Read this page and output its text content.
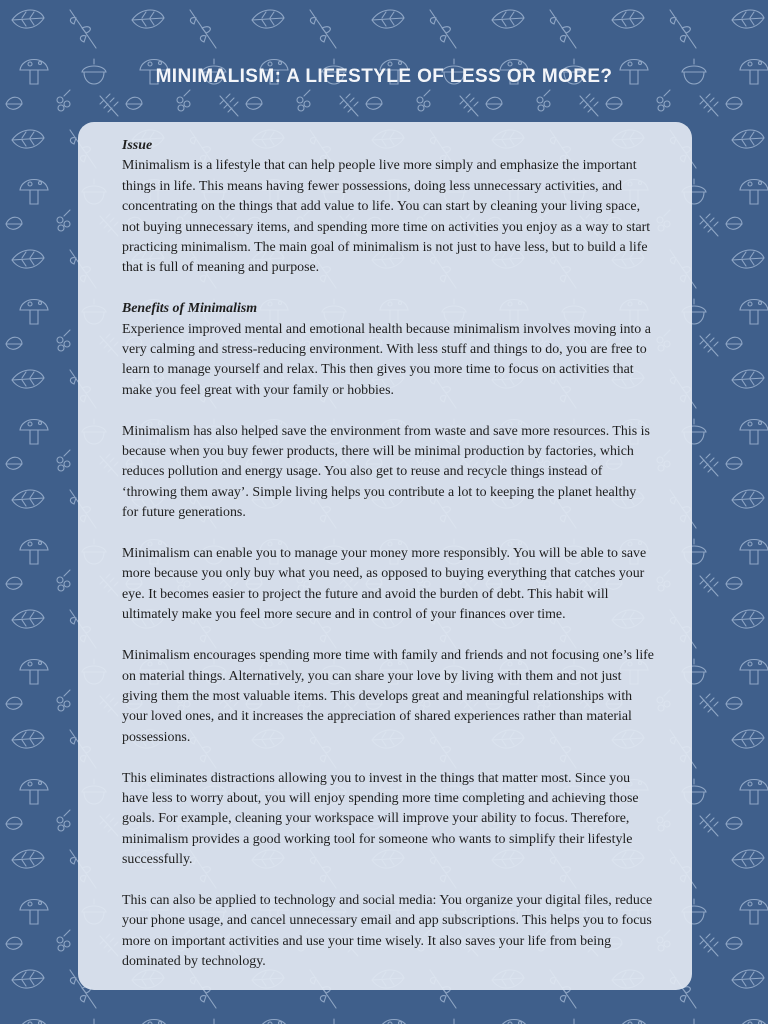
MINIMALISM: A LIFESTYLE OF LESS OR MORE?
Issue

Minimalism is a lifestyle that can help people live more simply and emphasize the important things in life. This means having fewer possessions, doing less unnecessary activities, and concentrating on the things that add value to life. You can start by cleaning your living space, not buying unnecessary items, and spending more time on activities you enjoy as a way to start practicing minimalism. The main goal of minimalism is not just to have less, but to build a life that is full of meaning and purpose.

Benefits of Minimalism

Experience improved mental and emotional health because minimalism involves moving into a very calming and stress-reducing environment. With less stuff and things to do, you are free to learn to manage yourself and relax. This then gives you more time to focus on activities that make you feel great with your family or hobbies.

Minimalism has also helped save the environment from waste and save more resources. This is because when you buy fewer products, there will be minimal production by factories, which reduces pollution and energy usage. You also get to reuse and recycle things instead of ‘throwing them away’. Simple living helps you contribute a lot to keeping the planet healthy for future generations.

Minimalism can enable you to manage your money more responsibly. You will be able to save more because you only buy what you need, as opposed to buying everything that catches your eye. It becomes easier to project the future and avoid the burden of debt. This habit will ultimately make you feel more secure and in control of your finances over time.

Minimalism encourages spending more time with family and friends and not focusing one’s life on material things. Alternatively, you can share your love by living with them and not just giving them the most valuable items. This develops great and meaningful relationships with your loved ones, and it increases the appreciation of shared experiences rather than material possessions.

This eliminates distractions allowing you to invest in the things that matter most. Since you have less to worry about, you will enjoy spending more time completing and achieving those goals. For example, cleaning your workspace will improve your ability to focus. Therefore, minimalism provides a good working tool for someone who wants to simplify their lifestyle successfully.

This can also be applied to technology and social media: You organize your digital files, reduce your phone usage, and cancel unnecessary email and app subscriptions. This helps you to focus more on important activities and use your time wisely. It also saves your life from being dominated by technology.
